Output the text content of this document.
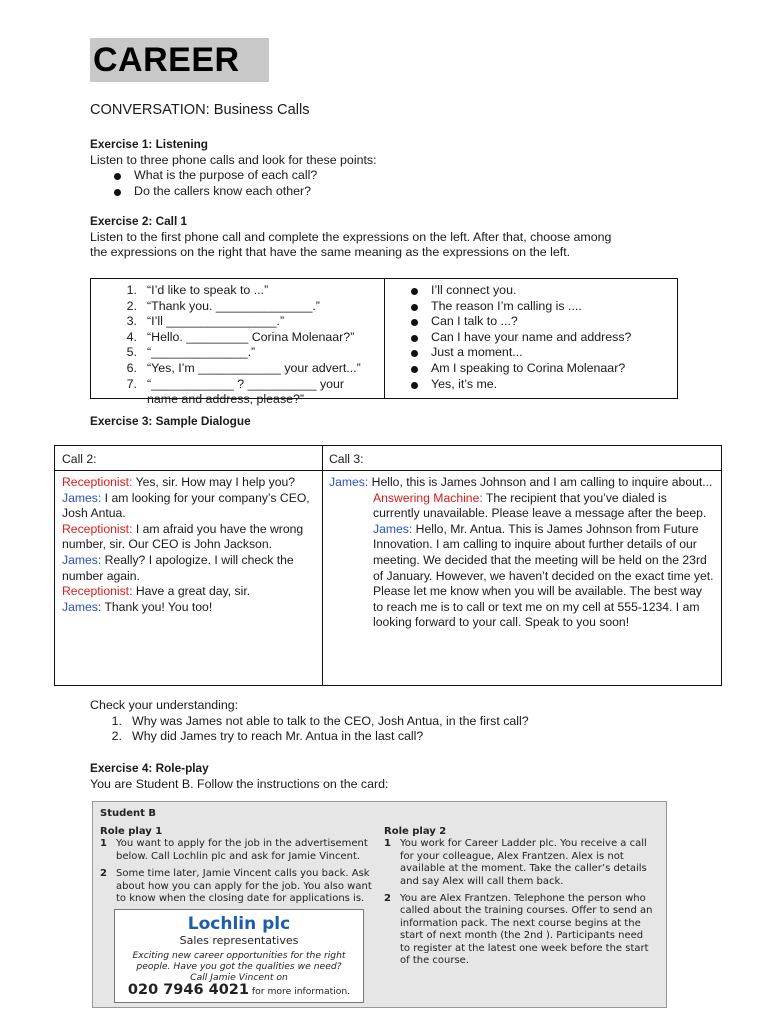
CAREER
CONVERSATION: Business Calls
Exercise 1: Listening
Listen to three phone calls and look for these points:
What is the purpose of each call?
Do the callers know each other?
Exercise 2: Call 1
Listen to the first phone call and complete the expressions on the left. After that, choose among
the expressions on the right that have the same meaning as the expressions on the left.
1. “I’d like to speak to ...”
2. “Thank you. ______________.”
3. “I’ll ________________.”
4. “Hello. _________ Corina Molenaar?”
5. “______________.”
6. “Yes, I’m ____________ your advert...”
7. “____________ ? __________ your name and address, please?”
I’ll connect you.
The reason I’m calling is ....
Can I talk to ...?
Can I have your name and address?
Just a moment...
Am I speaking to Corina Molenaar?
Yes, it’s me.
Exercise 3: Sample Dialogue
Call 2:	Call 3:
Receptionist: Yes, sir. How may I help you?
James: I am looking for your company’s CEO, Josh Antua.
Receptionist: I am afraid you have the wrong number, sir. Our CEO is John Jackson.
James: Really? I apologize. I will check the number again.
Receptionist: Have a great day, sir.
James: Thank you! You too!
James: Hello, this is James Johnson and I am calling to inquire about...
Answering Machine: The recipient that you’ve dialed is currently unavailable. Please leave a message after the beep.
James: Hello, Mr. Antua. This is James Johnson from Future Innovation. I am calling to inquire about further details of our meeting. We decided that the meeting will be held on the 23rd of January. However, we haven’t decided on the exact time yet. Please let me know when you will be available. The best way to reach me is to call or text me on my cell at 555-1234. I am looking forward to your call. Speak to you soon!
Check your understanding:
1. Why was James not able to talk to the CEO, Josh Antua, in the first call?
2. Why did James try to reach Mr. Antua in the last call?
Exercise 4: Role-play
You are Student B. Follow the instructions on the card:
Student B
Role play 1
1 You want to apply for the job in the advertisement below. Call Lochlin plc and ask for Jamie Vincent.
2 Some time later, Jamie Vincent calls you back. Ask about how you can apply for the job. You also want to know when the closing date for applications is.
Lochlin plc
Sales representatives
Exciting new career opportunities for the right
people. Have you got the qualities we need?
Call Jamie Vincent on
020 7946 4021 for more information.
Role play 2
1 You work for Career Ladder plc. You receive a call for your colleague, Alex Frantzen. Alex is not available at the moment. Take the caller’s details and say Alex will call them back.
2 You are Alex Frantzen. Telephone the person who called about the training courses. Offer to send an information pack. The next course begins at the start of next month (the 2nd ). Participants need to register at the latest one week before the start of the course.
